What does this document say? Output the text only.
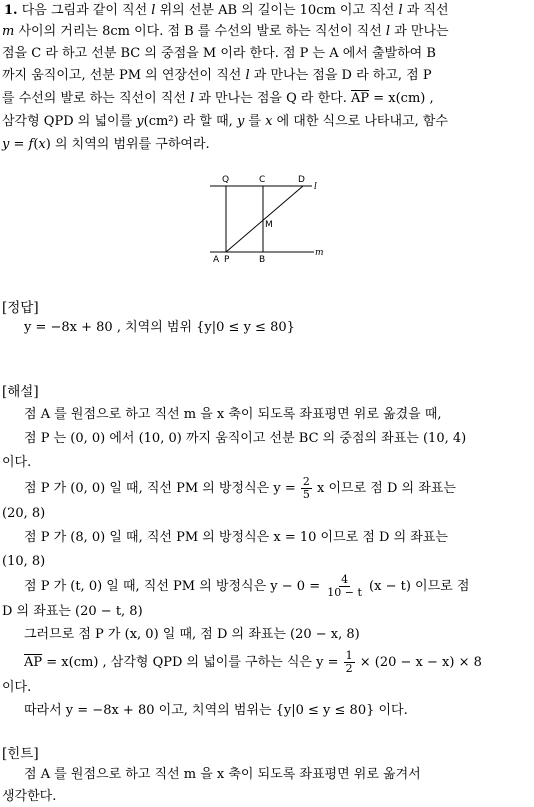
1. 다음 그림과 같이 직선 l 위의 선분 AB 의 길이는 10cm 이고 직선 l 과 직선
m 사이의 거리는 8cm 이다. 점 B 를 수선의 발로 하는 직선이 직선 l 과 만나는
점을 C 라 하고 선분 BC 의 중점을 M 이라 한다. 점 P 는 A 에서 출발하여 B
까지 움직이고, 선분 PM 의 연장선이 직선 l 과 만나는 점을 D 라 하고, 점 P
를 수선의 발로 하는 직선이 직선 l 과 만나는 점을 Q 라 한다. $\overline{AP} = x(cm)$ ,
삼각형 QPD 의 넓이를 y(cm²) 라 할 때, y 를 x 에 대한 식으로 나타내고, 함수
y = f(x) 의 치역의 범위를 구하여라.
Q	C	D
l
M
A P	B
m
[정답]
y = −8x + 80 , 치역의 범위 {y|0 ≤ y ≤ 80}
[해설]
점 A 를 원점으로 하고 직선 m 을 x 축이 되도록 좌표평면 위로 옮겼을 때,
점 P 는 (0, 0) 에서 (10, 0) 까지 움직이고 선분 BC 의 중점의 좌표는 (10, 4)
이다.
점 P 가 (0, 0) 일 때, 직선 PM 의 방정식은 $y = \frac{2}{5}$ x 이므로 점 D 의 좌표는
(20, 8)
점 P 가 (8, 0) 일 때, 직선 PM 의 방정식은 x = 10 이므로 점 D 의 좌표는
(10, 8)
점 P 가 (t, 0) 일 때, 직선 PM 의 방정식은 $y - 0 = \frac{4}{10 - t} (x - t)$ 이므로 점
D 의 좌표는 (20 − t, 8)
그러므로 점 P 가 (x, 0) 일 때, 점 D 의 좌표는 (20 − x, 8)
$\overline{AP} = x(cm)$ , 삼각형 QPD 의 넓이를 구하는 식은 $y = \frac{1}{2} \times (20 - x - x) \times 8$
이다.
따라서 y = −8x + 80 이고, 치역의 범위는 {y|0 ≤ y ≤ 80} 이다.
[힌트]
점 A 를 원점으로 하고 직선 m 을 x 축이 되도록 좌표평면 위로 옮겨서
생각한다.
